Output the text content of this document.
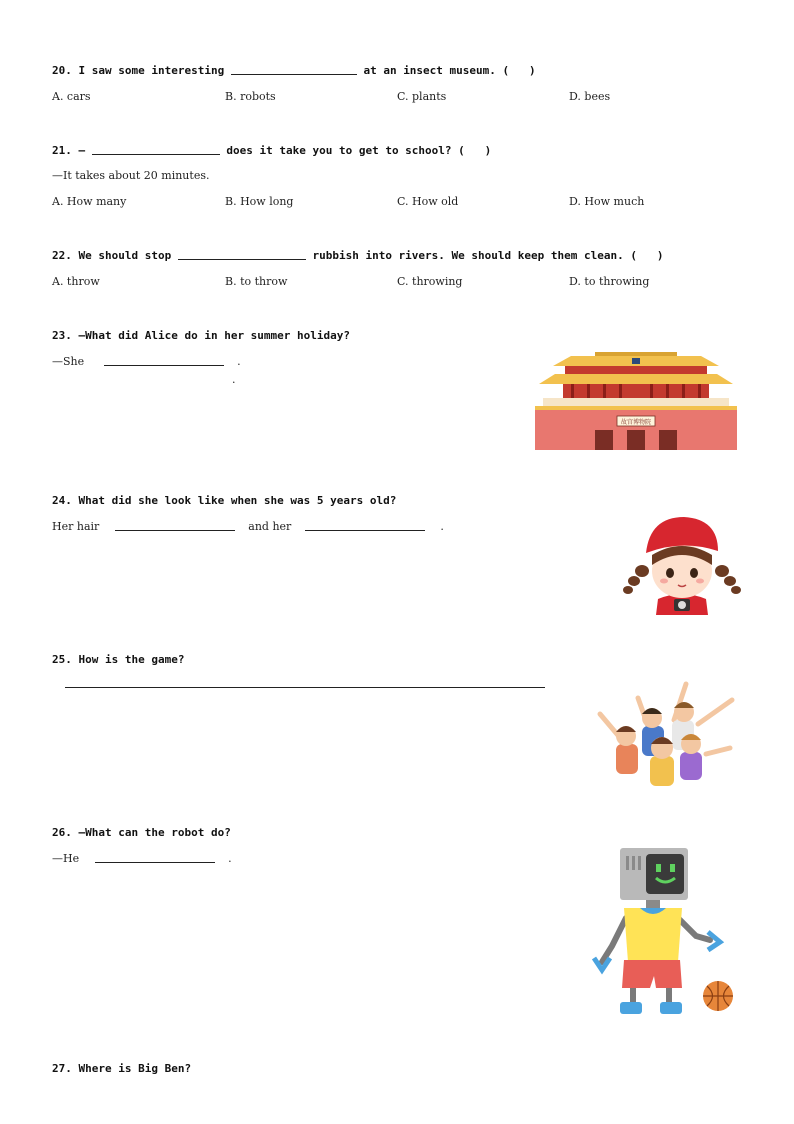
20. I saw some interesting	at an insect museum. (   )
A. cars	B. robots	C. plants	D. bees
21. —	does it take you to get to school? (   )
—It takes about 20 minutes.
A. How many	B. How long	C. How old	D. How much
22. We should stop	rubbish into rivers. We should keep them clean. (   )
A. throw	B. to throw	C. throwing	D. to throwing
23. —What did Alice do in her summer holiday?
—She	.
.
故宫博物院
24. What did she look like when she was 5 years old?
Her hair	and her	.
25. How is the game?
26. —What can the robot do?
—He	.
27. Where is Big Ben?
